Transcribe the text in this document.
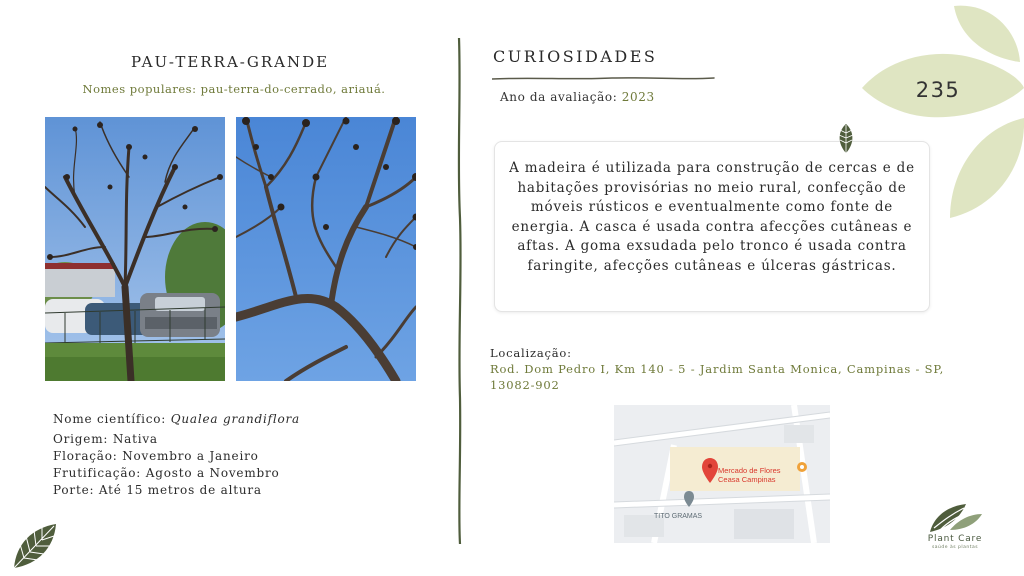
PAU-TERRA-GRANDE
Nomes populares: pau-terra-do-cerrado, ariauá.
Nome científico: Qualea grandiflora
Origem: Nativa
Floração: Novembro a Janeiro
Frutificação: Agosto a Novembro
Porte: Até 15 metros de altura
CURIOSIDADES
Ano da avaliação: 2023	235
A madeira é utilizada para construção de cercas e de habitações provisórias no meio rural, confecção de móveis rústicos e eventualmente como fonte de energia. A casca é usada contra afecções cutâneas e aftas. A goma exsudada pelo tronco é usada contra faringite, afecções cutâneas e úlceras gástricas.
Localização:
Rod. Dom Pedro I, Km 140 - 5 - Jardim Santa Monica, Campinas - SP, 13082-902
Mercado de Flores
Ceasa Campinas
TITO GRAMAS
Plant Care
saúde às plantas
